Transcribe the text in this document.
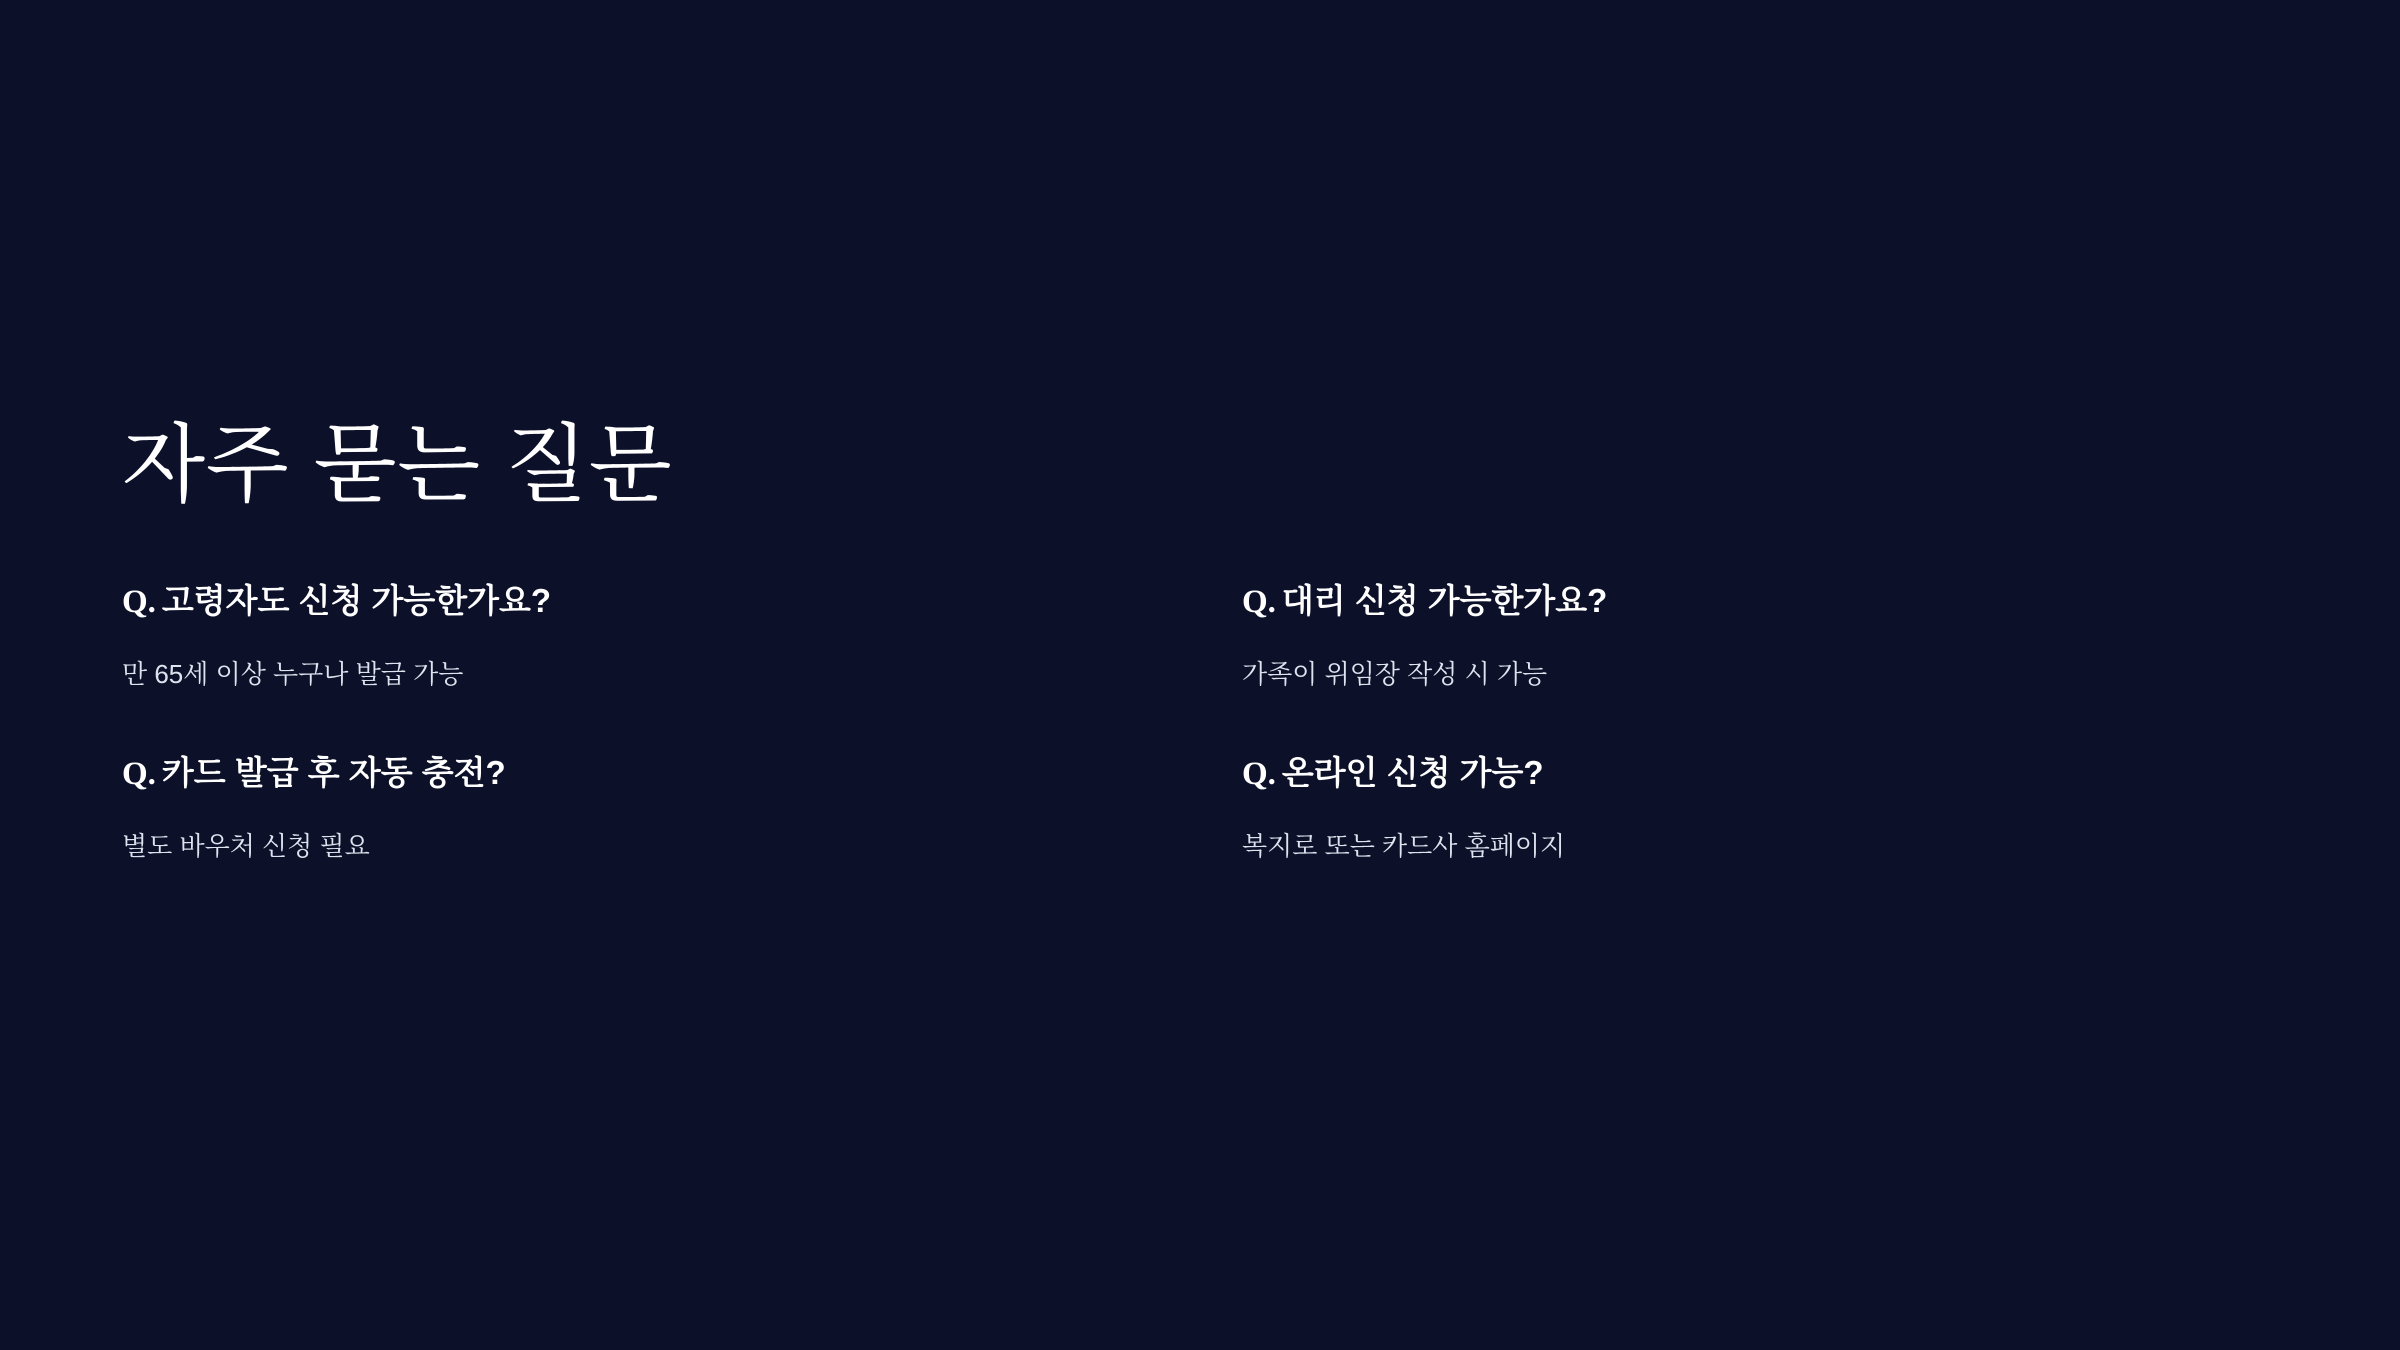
자주 묻는 질문

Q. 고령자도 신청 가능한가요?

만 65세 이상 누구나 발급 가능

Q. 카드 발급 후 자동 충전?

별도 바우처 신청 필요

Q. 대리 신청 가능한가요?

가족이 위임장 작성 시 가능

Q. 온라인 신청 가능?

복지로 또는 카드사 홈페이지
